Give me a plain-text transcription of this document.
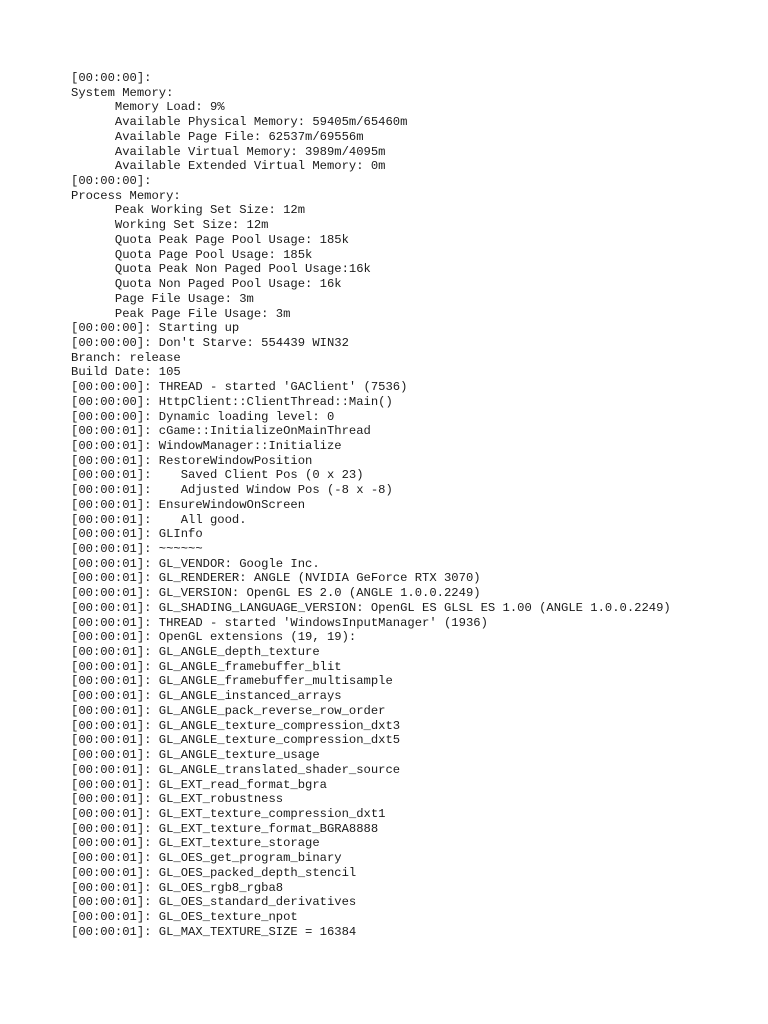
[00:00:00]:
System Memory:
Memory Load: 9%
Available Physical Memory: 59405m/65460m
Available Page File: 62537m/69556m
Available Virtual Memory: 3989m/4095m
Available Extended Virtual Memory: 0m
[00:00:00]:
Process Memory:
Peak Working Set Size: 12m
Working Set Size: 12m
Quota Peak Page Pool Usage: 185k
Quota Page Pool Usage: 185k
Quota Peak Non Paged Pool Usage:16k
Quota Non Paged Pool Usage: 16k
Page File Usage: 3m
Peak Page File Usage: 3m
[00:00:00]: Starting up
[00:00:00]: Don't Starve: 554439 WIN32
Branch: release
Build Date: 105
[00:00:00]: THREAD - started 'GAClient' (7536)
[00:00:00]: HttpClient::ClientThread::Main()
[00:00:00]: Dynamic loading level: 0
[00:00:01]: cGame::InitializeOnMainThread
[00:00:01]: WindowManager::Initialize
[00:00:01]: RestoreWindowPosition
[00:00:01]:    Saved Client Pos (0 x 23)
[00:00:01]:    Adjusted Window Pos (-8 x -8)
[00:00:01]: EnsureWindowOnScreen
[00:00:01]:    All good.
[00:00:01]: GLInfo
[00:00:01]: ~~~~~~
[00:00:01]: GL_VENDOR: Google Inc.
[00:00:01]: GL_RENDERER: ANGLE (NVIDIA GeForce RTX 3070)
[00:00:01]: GL_VERSION: OpenGL ES 2.0 (ANGLE 1.0.0.2249)
[00:00:01]: GL_SHADING_LANGUAGE_VERSION: OpenGL ES GLSL ES 1.00 (ANGLE 1.0.0.2249)
[00:00:01]: THREAD - started 'WindowsInputManager' (1936)
[00:00:01]: OpenGL extensions (19, 19):
[00:00:01]: GL_ANGLE_depth_texture
[00:00:01]: GL_ANGLE_framebuffer_blit
[00:00:01]: GL_ANGLE_framebuffer_multisample
[00:00:01]: GL_ANGLE_instanced_arrays
[00:00:01]: GL_ANGLE_pack_reverse_row_order
[00:00:01]: GL_ANGLE_texture_compression_dxt3
[00:00:01]: GL_ANGLE_texture_compression_dxt5
[00:00:01]: GL_ANGLE_texture_usage
[00:00:01]: GL_ANGLE_translated_shader_source
[00:00:01]: GL_EXT_read_format_bgra
[00:00:01]: GL_EXT_robustness
[00:00:01]: GL_EXT_texture_compression_dxt1
[00:00:01]: GL_EXT_texture_format_BGRA8888
[00:00:01]: GL_EXT_texture_storage
[00:00:01]: GL_OES_get_program_binary
[00:00:01]: GL_OES_packed_depth_stencil
[00:00:01]: GL_OES_rgb8_rgba8
[00:00:01]: GL_OES_standard_derivatives
[00:00:01]: GL_OES_texture_npot
[00:00:01]: GL_MAX_TEXTURE_SIZE = 16384
